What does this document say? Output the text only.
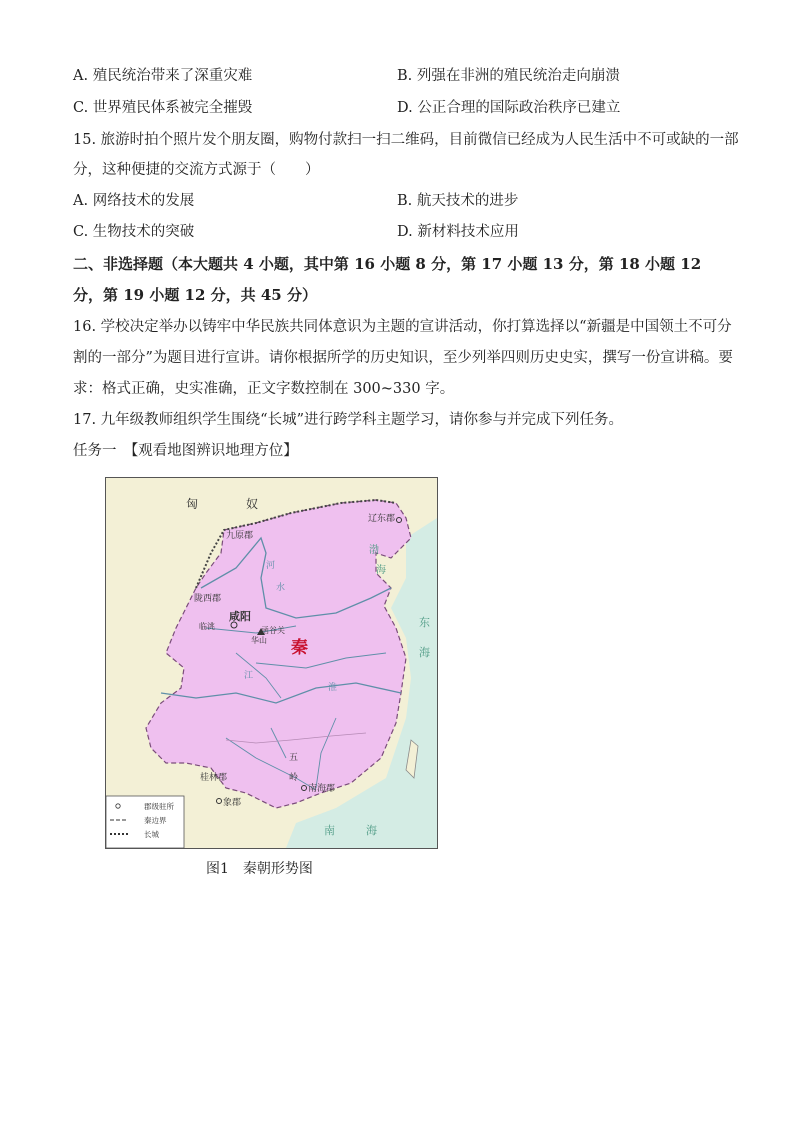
A. 殖民统治带来了深重灾难	B. 列强在非洲的殖民统治走向崩溃
C. 世界殖民体系被完全摧毁	D. 公正合理的国际政治秩序已建立
15. 旅游时拍个照片发个朋友圈，购物付款扫一扫二维码，目前微信已经成为人民生活中不可或缺的一部
分，这种便捷的交流方式源于（　　）
A. 网络技术的发展	B. 航天技术的进步
C. 生物技术的突破	D. 新材料技术应用
二、非选择题（本大题共 4 小题，其中第 16 小题 8 分，第 17 小题 13 分，第 18 小题 12
分，第 19 小题 12 分，共 45 分）
16. 学校决定举办以铸牢中华民族共同体意识为主题的宣讲活动，你打算选择以“新疆是中国领土不可分
割的一部分”为题目进行宣讲。请你根据所学的历史知识，至少列举四则历史史实，撰写一份宣讲稿。要
求：格式正确，史实准确，正文字数控制在 300~330 字。
17. 九年级教师组织学生围绕“长城”进行跨学科主题学习，请你参与并完成下列任务。
任务一　【观看地图辨识地理方位】
匈	奴
辽东郡
九原郡
陇西郡
咸阳
临洮
华山
函谷关
秦
河
水
江
淮
五
岭
桂林郡
象郡
南海郡
渤
海
东
海
南	海
郡级驻所
秦边界
长城
图1　秦朝形势图
